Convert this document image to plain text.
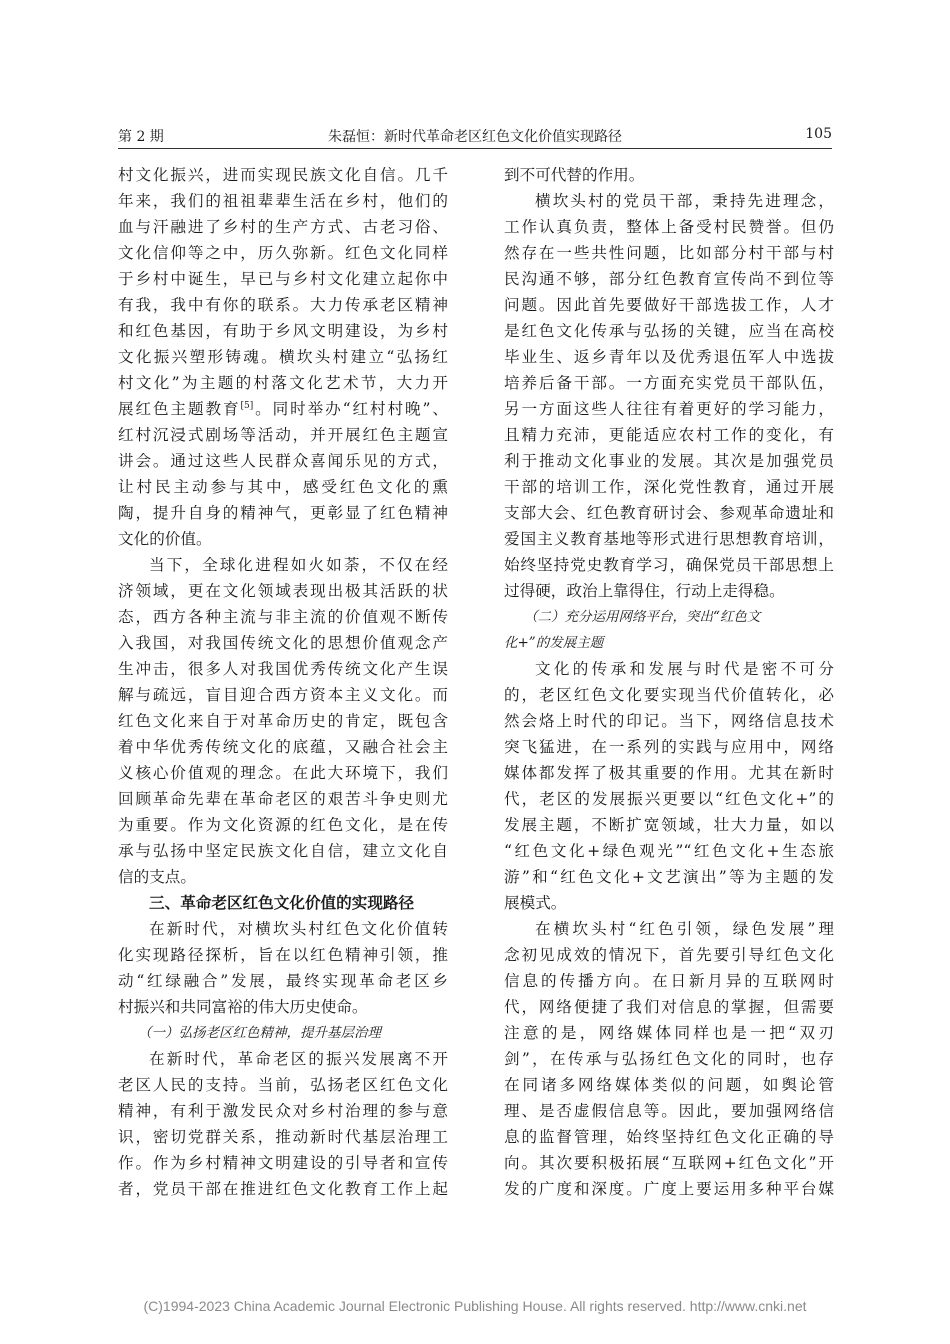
第 2 期	朱磊恒：新时代革命老区红色文化价值实现路径	105
村文化振兴，进而实现民族文化自信。几千
年来，我们的祖祖辈辈生活在乡村，他们的
血与汗融进了乡村的生产方式、古老习俗、
文化信仰等之中，历久弥新。红色文化同样
于乡村中诞生，早已与乡村文化建立起你中
有我，我中有你的联系。大力传承老区精神
和红色基因，有助于乡风文明建设，为乡村
文化振兴塑形铸魂。横坎头村建立“弘扬红
村文化”为主题的村落文化艺术节，大力开
展红色主题教育[5]。同时举办“红村村晚”、
红村沉浸式剧场等活动，并开展红色主题宣
讲会。通过这些人民群众喜闻乐见的方式，
让村民主动参与其中，感受红色文化的熏
陶，提升自身的精神气，更彰显了红色精神
文化的价值。
当下，全球化进程如火如荼，不仅在经
济领域，更在文化领域表现出极其活跃的状
态，西方各种主流与非主流的价值观不断传
入我国，对我国传统文化的思想价值观念产
生冲击，很多人对我国优秀传统文化产生误
解与疏远，盲目迎合西方资本主义文化。而
红色文化来自于对革命历史的肯定，既包含
着中华优秀传统文化的底蕴，又融合社会主
义核心价值观的理念。在此大环境下，我们
回顾革命先辈在革命老区的艰苦斗争史则尤
为重要。作为文化资源的红色文化，是在传
承与弘扬中坚定民族文化自信，建立文化自
信的支点。
三、革命老区红色文化价值的实现路径
在新时代，对横坎头村红色文化价值转
化实现路径探析，旨在以红色精神引领，推
动“红绿融合”发展，最终实现革命老区乡
村振兴和共同富裕的伟大历史使命。
（一）弘扬老区红色精神，提升基层治理
在新时代，革命老区的振兴发展离不开
老区人民的支持。当前，弘扬老区红色文化
精神，有利于激发民众对乡村治理的参与意
识，密切党群关系，推动新时代基层治理工
作。作为乡村精神文明建设的引导者和宣传
者，党员干部在推进红色文化教育工作上起
到不可代替的作用。
横坎头村的党员干部，秉持先进理念，
工作认真负责，整体上备受村民赞誉。但仍
然存在一些共性问题，比如部分村干部与村
民沟通不够，部分红色教育宣传尚不到位等
问题。因此首先要做好干部选拔工作，人才
是红色文化传承与弘扬的关键，应当在高校
毕业生、返乡青年以及优秀退伍军人中选拔
培养后备干部。一方面充实党员干部队伍，
另一方面这些人往往有着更好的学习能力，
且精力充沛，更能适应农村工作的变化，有
利于推动文化事业的发展。其次是加强党员
干部的培训工作，深化党性教育，通过开展
支部大会、红色教育研讨会、参观革命遗址和
爱国主义教育基地等形式进行思想教育培训，
始终坚持党史教育学习，确保党员干部思想上
过得硬，政治上靠得住，行动上走得稳。
（二）充分运用网络平台，突出“红色文
化+”的发展主题
文化的传承和发展与时代是密不可分
的，老区红色文化要实现当代价值转化，必
然会烙上时代的印记。当下，网络信息技术
突飞猛进，在一系列的实践与应用中，网络
媒体都发挥了极其重要的作用。尤其在新时
代，老区的发展振兴更要以“红色文化+”的
发展主题，不断扩宽领域，壮大力量，如以
“红色文化+绿色观光”“红色文化+生态旅
游”和“红色文化+文艺演出”等为主题的发
展模式。
在横坎头村“红色引领，绿色发展”理
念初见成效的情况下，首先要引导红色文化
信息的传播方向。在日新月异的互联网时
代，网络便捷了我们对信息的掌握，但需要
注意的是，网络媒体同样也是一把“双刃
剑”，在传承与弘扬红色文化的同时，也存
在同诸多网络媒体类似的问题，如舆论管
理、是否虚假信息等。因此，要加强网络信
息的监督管理，始终坚持红色文化正确的导
向。其次要积极拓展“互联网+红色文化”开
发的广度和深度。广度上要运用多种平台媒
(C)1994-2023 China Academic Journal Electronic Publishing House. All rights reserved. http://www.cnki.net
